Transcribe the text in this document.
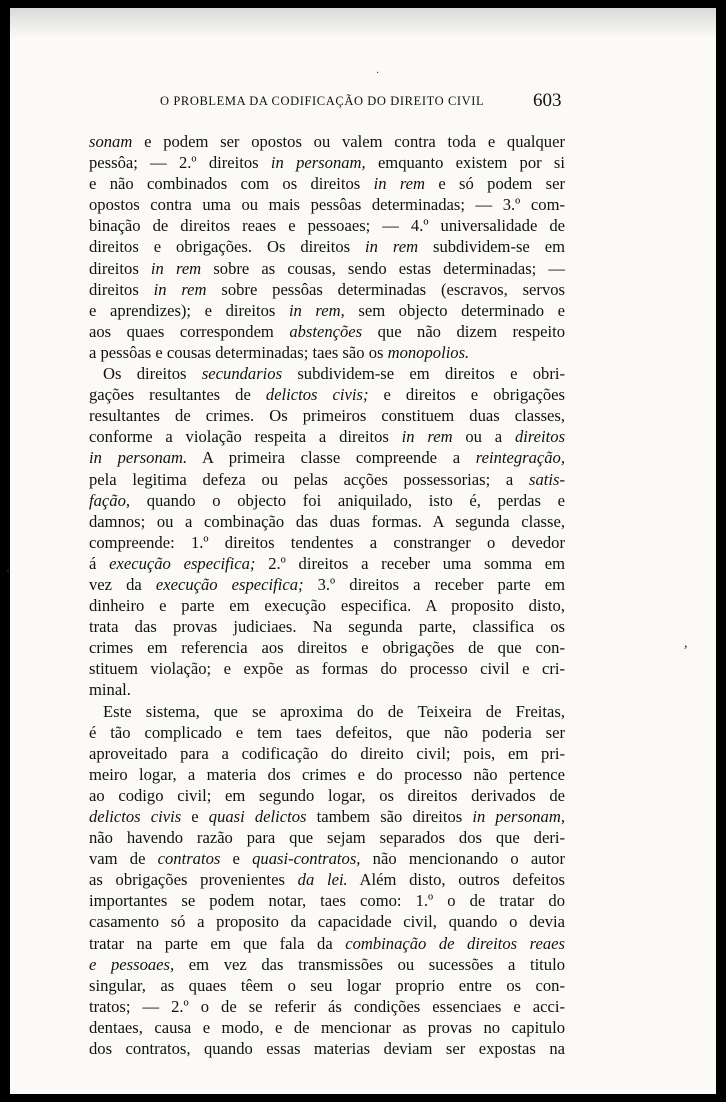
O PROBLEMA DA CODIFICAÇÃO DO DIREITO CIVIL	603
sonam e podem ser opostos ou valem contra toda e qualquer
pessôa; — 2.º direitos in personam, emquanto existem por si
e não combinados com os direitos in rem e só podem ser
opostos contra uma ou mais pessôas determinadas; — 3.º com-
binação de direitos reaes e pessoaes; — 4.º universalidade de
direitos e obrigações. Os direitos in rem subdividem-se em
direitos in rem sobre as cousas, sendo estas determinadas; —
direitos in rem sobre pessôas determinadas (escravos, servos
e aprendizes); e direitos in rem, sem objecto determinado e
aos quaes correspondem abstenções que não dizem respeito
a pessôas e cousas determinadas; taes são os monopolios.
Os direitos secundarios subdividem-se em direitos e obri-
gações resultantes de delictos civis; e direitos e obrigações
resultantes de crimes. Os primeiros constituem duas classes,
conforme a violação respeita a direitos in rem ou a direitos
in personam. A primeira classe compreende a reintegração,
pela legitima defeza ou pelas acções possessorias; a satis-
fação, quando o objecto foi aniquilado, isto é, perdas e
damnos; ou a combinação das duas formas. A segunda classe,
compreende: 1.º direitos tendentes a constranger o devedor
á execução especifica; 2.º direitos a receber uma somma em
vez da execução especifica; 3.º direitos a receber parte em
dinheiro e parte em execução especifica. A proposito disto,
trata das provas judiciaes. Na segunda parte, classifica os
crimes em referencia aos direitos e obrigações de que con-
stituem violação; e expõe as formas do processo civil e cri-
minal.
Este sistema, que se aproxima do de Teixeira de Freitas,
é tão complicado e tem taes defeitos, que não poderia ser
aproveitado para a codificação do direito civil; pois, em pri-
meiro logar, a materia dos crimes e do processo não pertence
ao codigo civil; em segundo logar, os direitos derivados de
delictos civis e quasi delictos tambem são direitos in personam,
não havendo razão para que sejam separados dos que deri-
vam de contratos e quasi-contratos, não mencionando o autor
as obrigações provenientes da lei. Além disto, outros defeitos
importantes se podem notar, taes como: 1.º o de tratar do
casamento só a proposito da capacidade civil, quando o devia
tratar na parte em que fala da combinação de direitos reaes
e pessoaes, em vez das transmissões ou sucessões a titulo
singular, as quaes têem o seu logar proprio entre os con-
tratos; — 2.º o de se referir ás condições essenciaes e acci-
dentaes, causa e modo, e de mencionar as provas no capitulo
dos contratos, quando essas materias deviam ser expostas na
‹
,
·
